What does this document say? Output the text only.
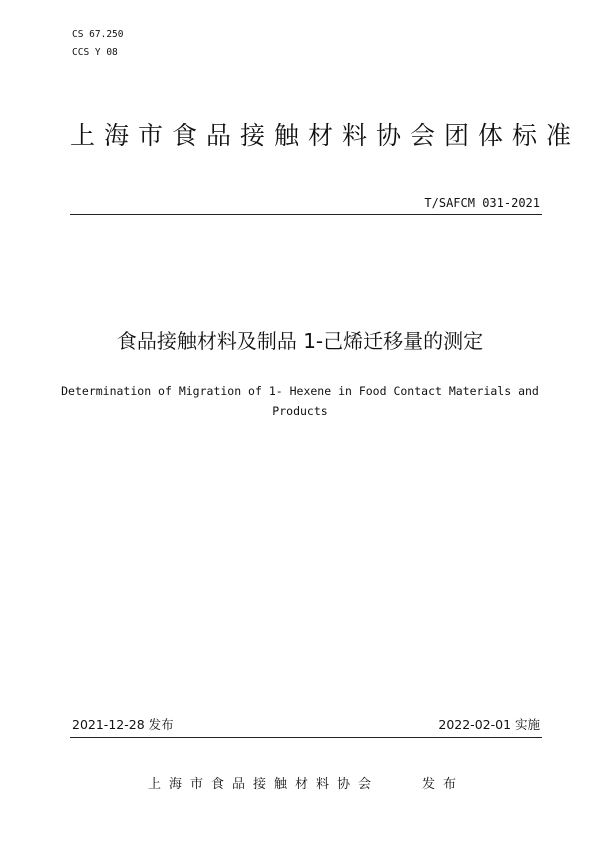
CS 67.250
CCS Y 08
上海市食品接触材料协会团体标准
T/SAFCM 031-2021
食品接触材料及制品 1-己烯迁移量的测定
Determination of Migration of 1- Hexene in Food Contact Materials and Products
2021-12-28 发布	2022-02-01 实施
上海市食品接触材料协会	发布
